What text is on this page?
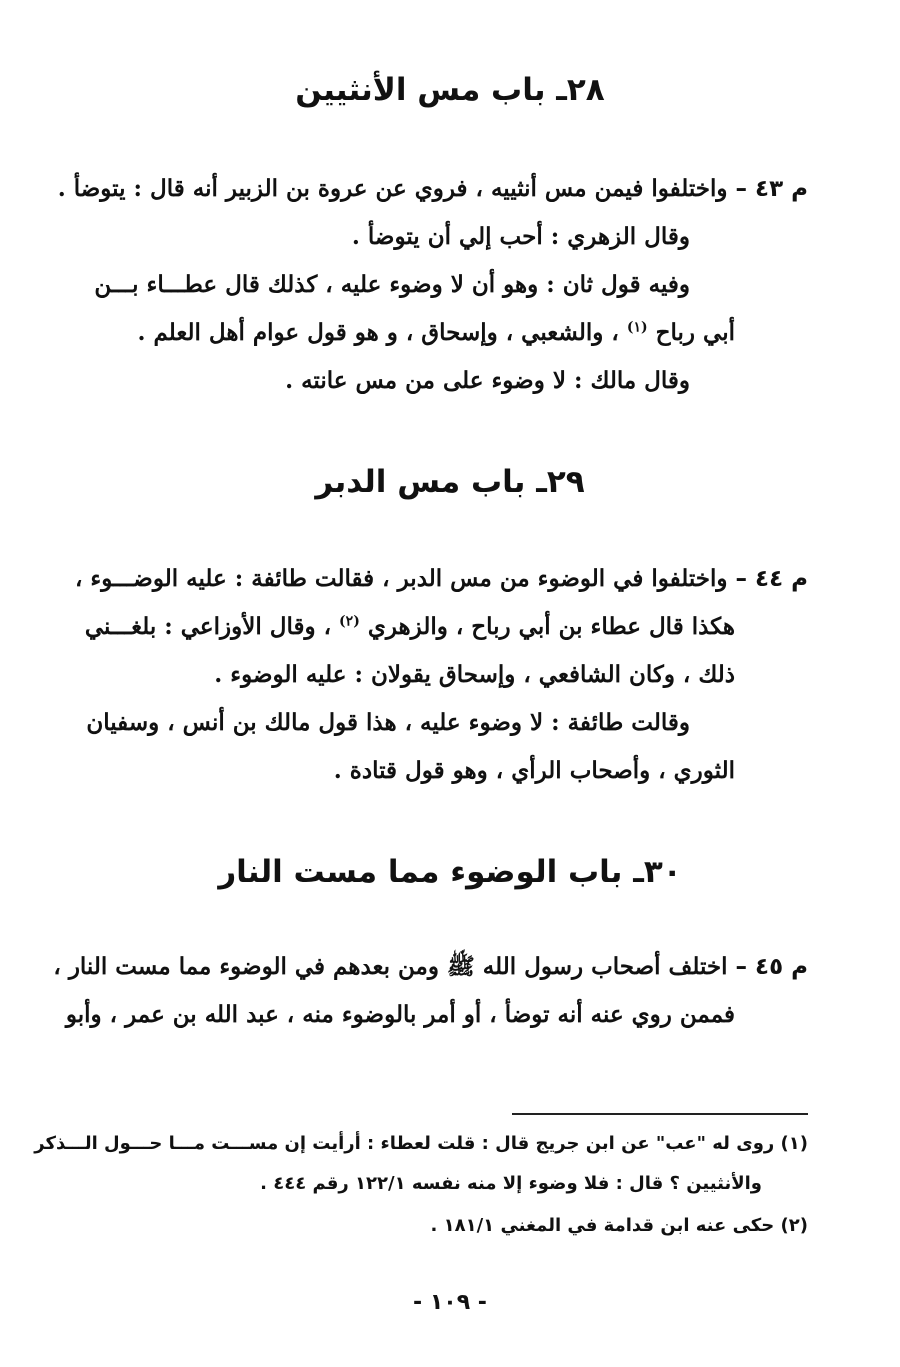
٢٨ـ باب مس الأنثيين

م ٤٣ – واختلفوا فيمن مس أنثييه ، فروي عن عروة بن الزبير أنه قال : يتوضأ .

وقال الزهري : أحب إلي أن يتوضأ .

وفيه قول ثان : وهو أن لا وضوء عليه ، كذلك قال عطـــاء بـــن

أبي رباح $^{(١)}$ ، والشعبي ، وإسحاق ، و هو قول عوام أهل العلم .

وقال مالك : لا وضوء على من مس عانته .

٢٩ـ باب مس الدبر

م ٤٤ – واختلفوا في الوضوء من مس الدبر ، فقالت طائفة : عليه الوضـــوء ،

هكذا قال عطاء بن أبي رباح ، والزهري $^{(٢)}$ ، وقال الأوزاعي : بلغـــني

ذلك ، وكان الشافعي ، وإسحاق يقولان : عليه الوضوء .

وقالت طائفة : لا وضوء عليه ، هذا قول مالك بن أنس ، وسفيان

الثوري ، وأصحاب الرأي ، وهو قول قتادة .

٣٠ـ باب الوضوء مما مست النار

م ٤٥ – اختلف أصحاب رسول الله ﷺ ومن بعدهم في الوضوء مما مست النار ،

فممن روي عنه أنه توضأ ، أو أمر بالوضوء منه ، عبد الله بن عمر ، وأبو

(١) روى له "عب" عن ابن جريج قال : قلت لعطاء : أرأيت إن مســـت مـــا حـــول الـــذكر

والأنثيين ؟ قال : فلا وضوء إلا منه نفسه ١٢٢/١ رقم ٤٤٤ .

(٢) حكى عنه ابن قدامة في المغني ١٨١/١ .

- ١٠٩ -
